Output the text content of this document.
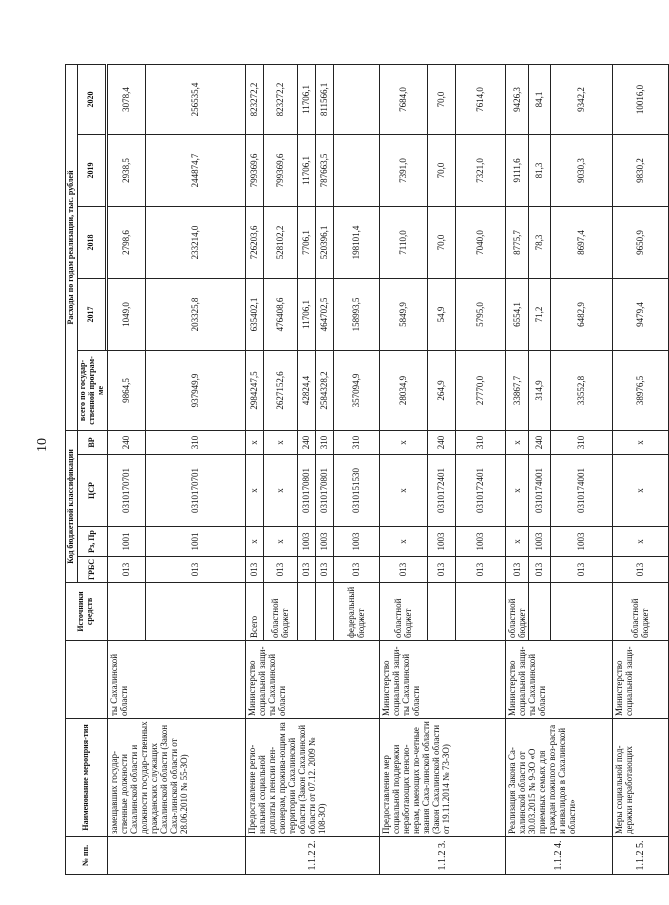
10
№ пп.	Наименование мероприя-тия		Источники средств	Код бюджетной классификации				Расходы по годам реализации, тыс. рублей				
				ГРБС	Рз, Пр	ЦСР	ВР	всего по государ-ственной програм-ме	2017	2018	2019	2020

	замещавших государ-ственные должности Сахалинской области и должности государ-ственных гражданских служащих Сахалинской области (Закон Саха-линской области от 28.06.2010 № 55-ЗО)	ты Сахалинской области		013	1001	0310170701	240	9864,5	1049,0	2798,6	2938,5	3078,4
				013	1001	0310170701	310	937949,9	203325,8	233214,0	244874,7	256535,4
1.1.2 2.	Предоставление регио-нальной социальной доплаты к пенсии пен-сионерам, прожива-ющим на территории Сахалинской области (Закон Сахалинской области от 07.12. 2009 № 108-ЗО)	Министерство социальной защи-ты Сахалинской области	Всего	013	x	x	x	2984247,5	635402,1	726203,6	799369,6	823272,2
			областной бюджет	013	x	x	x	2627152,6	476408,6	528102,2	799369,6	823272,2
				013	1003	0310170801	240	42824,4	11706,1	7706,1	11706,1	11706,1
				013	1003	0310170801	310	2584328,2	464702,5	520396,1	787663,5	811566,1
			федеральный бюджет	013	1003	0310151530	310	357094,9	158993,5	198101,4		
1.1.2 3.	Предоставление мер социальной поддержки неработающих пенсио-нерам, имеющих по-четные звания Саха-линской области (Закон Сахалинской области от 19.11.2014 № 73-ЗО)	Министерство социальной защи-ты Сахалинской области	областной бюджет	013	x	x	x	28034,9	5849,9	7110,0	7391,0	7684,0
				013	1003	0310172401	240	264,9	54,9	70,0	70,0	70,0
				013	1003	0310172401	310	27770,0	5795,0	7040,0	7321,0	7614,0
1.1.2 4.	Реализация Закона Са-халинской области от 30.03.2015 № 9-ЗО «О приемных семьях для граждан пожилого воз-раста и инвалидов в Сахалинской области»	Министерство социальной защи-ты Сахалинской области	областной бюджет	013	x	x	x	33867,7	6554,1	8775,7	9111,6	9426,3
				013	1003	0310174001	240	314,9	71,2	78,3	81,3	84,1
				013	1003	0310174001	310	33552,8	6482,9	8697,4	9030,3	9342,2
1.1.2 5.	Меры социальной под-держки неработающих	Министерство социальной защи-	областной бюджет	013	x	x	x	38976,5	9479,4	9650,9	9830,2	10016,0
